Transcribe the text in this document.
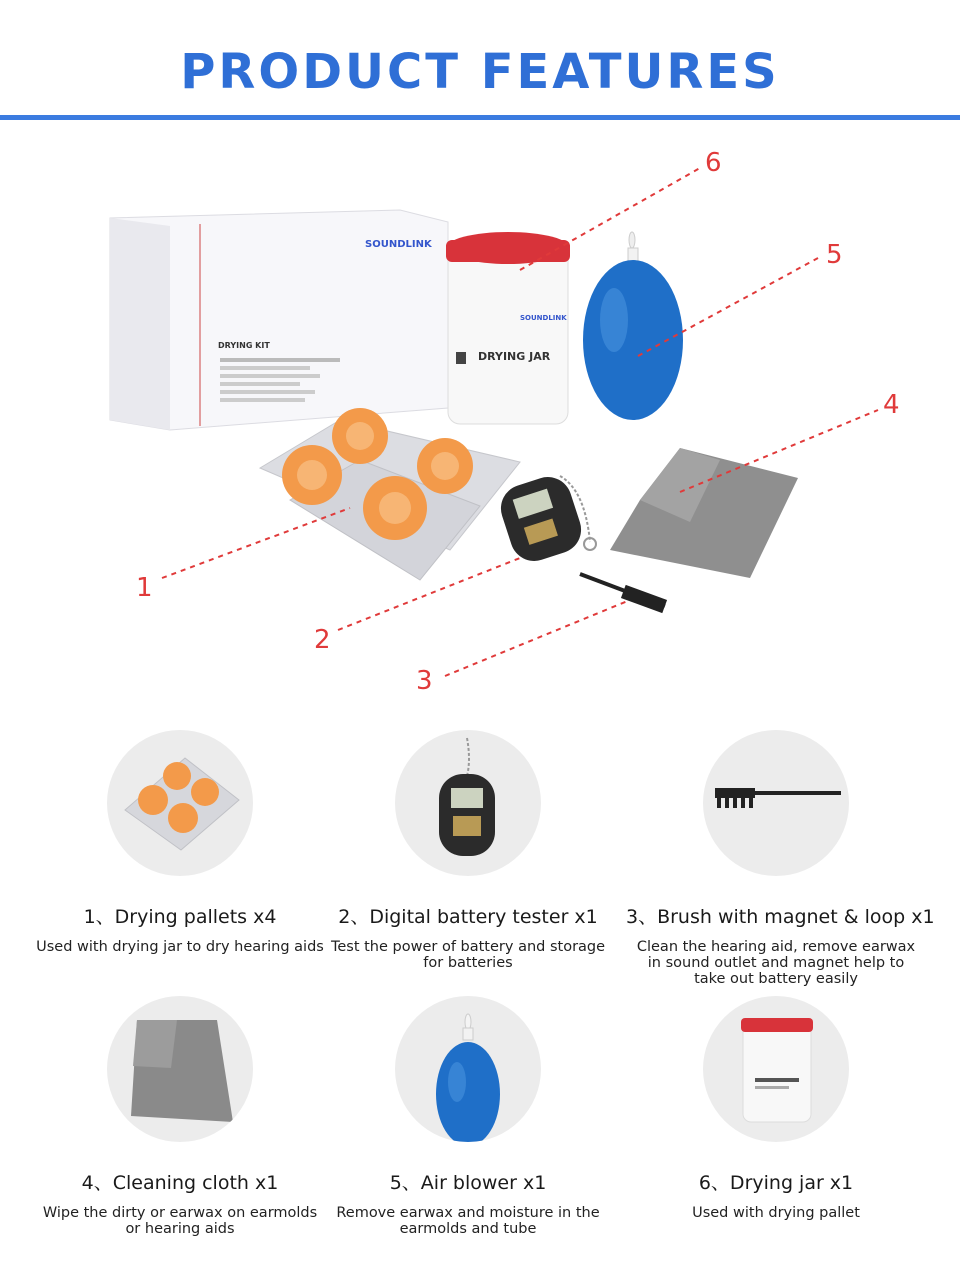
PRODUCT FEATURES
DRYING KIT
SOUNDLINK
DRYING JAR
SOUNDLINK
6
5
4
1
2
3
1、Drying pallets x4
Used with drying jar to dry hearing aids
2、Digital battery tester x1
Test the power of battery and storage for batteries
3、Brush with magnet & loop x1
Clean the hearing aid, remove earwax in sound outlet and magnet help to take out battery easily
4、Cleaning cloth x1
Wipe the dirty or earwax on earmolds or hearing aids
5、Air blower x1
Remove earwax and moisture in the earmolds and tube
6、Drying jar x1
Used with drying pallet
